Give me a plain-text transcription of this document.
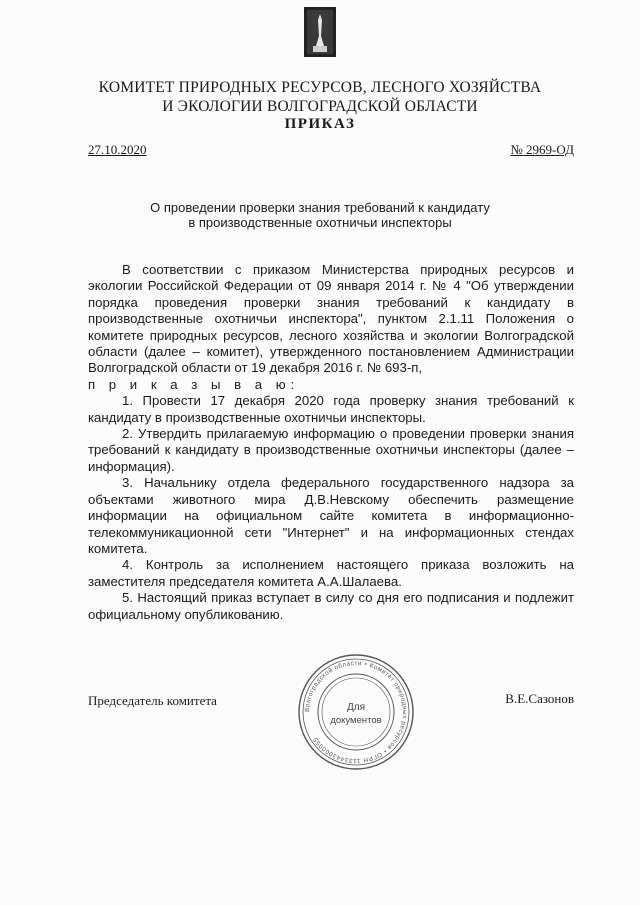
КОМИТЕТ ПРИРОДНЫХ РЕСУРСОВ, ЛЕСНОГО ХОЗЯЙСТВА
И ЭКОЛОГИИ ВОЛГОГРАДСКОЙ ОБЛАСТИ
ПРИКАЗ
27.10.2020	№ 2969-ОД
О проведении проверки знания требований к кандидату
в производственные охотничьи инспекторы

В соответствии с приказом Министерства природных ресурсов и экологии Российской Федерации от 09 января 2014 г. № 4 "Об утверждении порядка проведения проверки знания требований к кандидату в производственные охотничьи инспектора", пунктом 2.1.11 Положения о комитете природных ресурсов, лесного хозяйства и экологии Волгоградской области (далее – комитет), утвержденного постановлением Администрации Волгоградской области от 19 декабря 2016 г. № 693-п,

п р и к а з ы в а ю:

1. Провести 17 декабря 2020 года проверку знания требований к кандидату в производственные охотничьи инспекторы.

2. Утвердить прилагаемую информацию о проведении проверки знания требований к кандидату в производственные охотничьи инспекторы (далее – информация).

3. Начальнику отдела федерального государственного надзора за объектами животного мира Д.В.Невскому обеспечить размещение информации на официальном сайте комитета в информационно-телекоммуникационной сети "Интернет" и на информационных стендах комитета.

4. Контроль за исполнением настоящего приказа возложить на заместителя председателя комитета А.А.Шалаева.

5. Настоящий приказ вступает в силу со дня его подписания и подлежит официальному опубликованию.

Председатель комитета	В.Е.Сазонов
Волгоградской области • Комитет природных ресурсов • ОГРН 1133443000055
Для
документов
